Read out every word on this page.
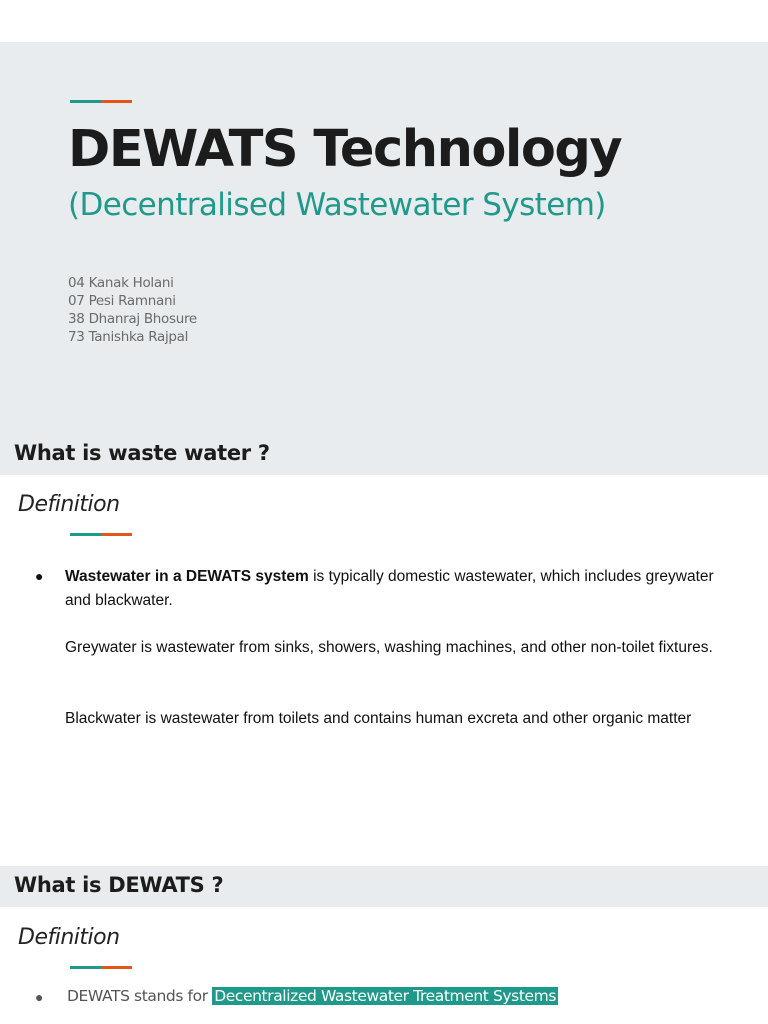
DEWATS Technology

(Decentralised Wastewater System)

04 Kanak Holani
07 Pesi Ramnani
38 Dhanraj Bhosure
73 Tanishka Rajpal
What is waste water ?

Definition

● Wastewater in a DEWATS system is typically domestic wastewater, which includes greywater and blackwater.

Greywater is wastewater from sinks, showers, washing machines, and other non-toilet fixtures.

Blackwater is wastewater from toilets and contains human excreta and other organic matter

What is DEWATS ?

Definition

● DEWATS stands for Decentralized Wastewater Treatment Systems
